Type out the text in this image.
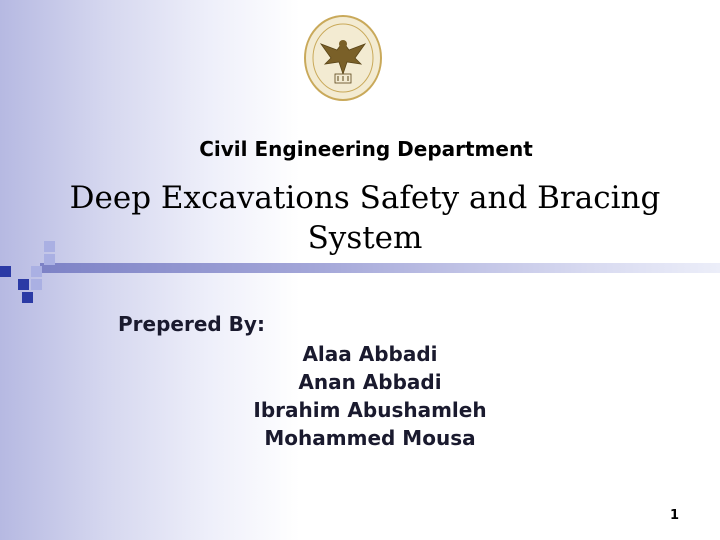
Civil Engineering Department
Deep Excavations Safety and Bracing System
Prepered By:
Alaa Abbadi
Anan Abbadi
Ibrahim Abushamleh
Mohammed Mousa
1
